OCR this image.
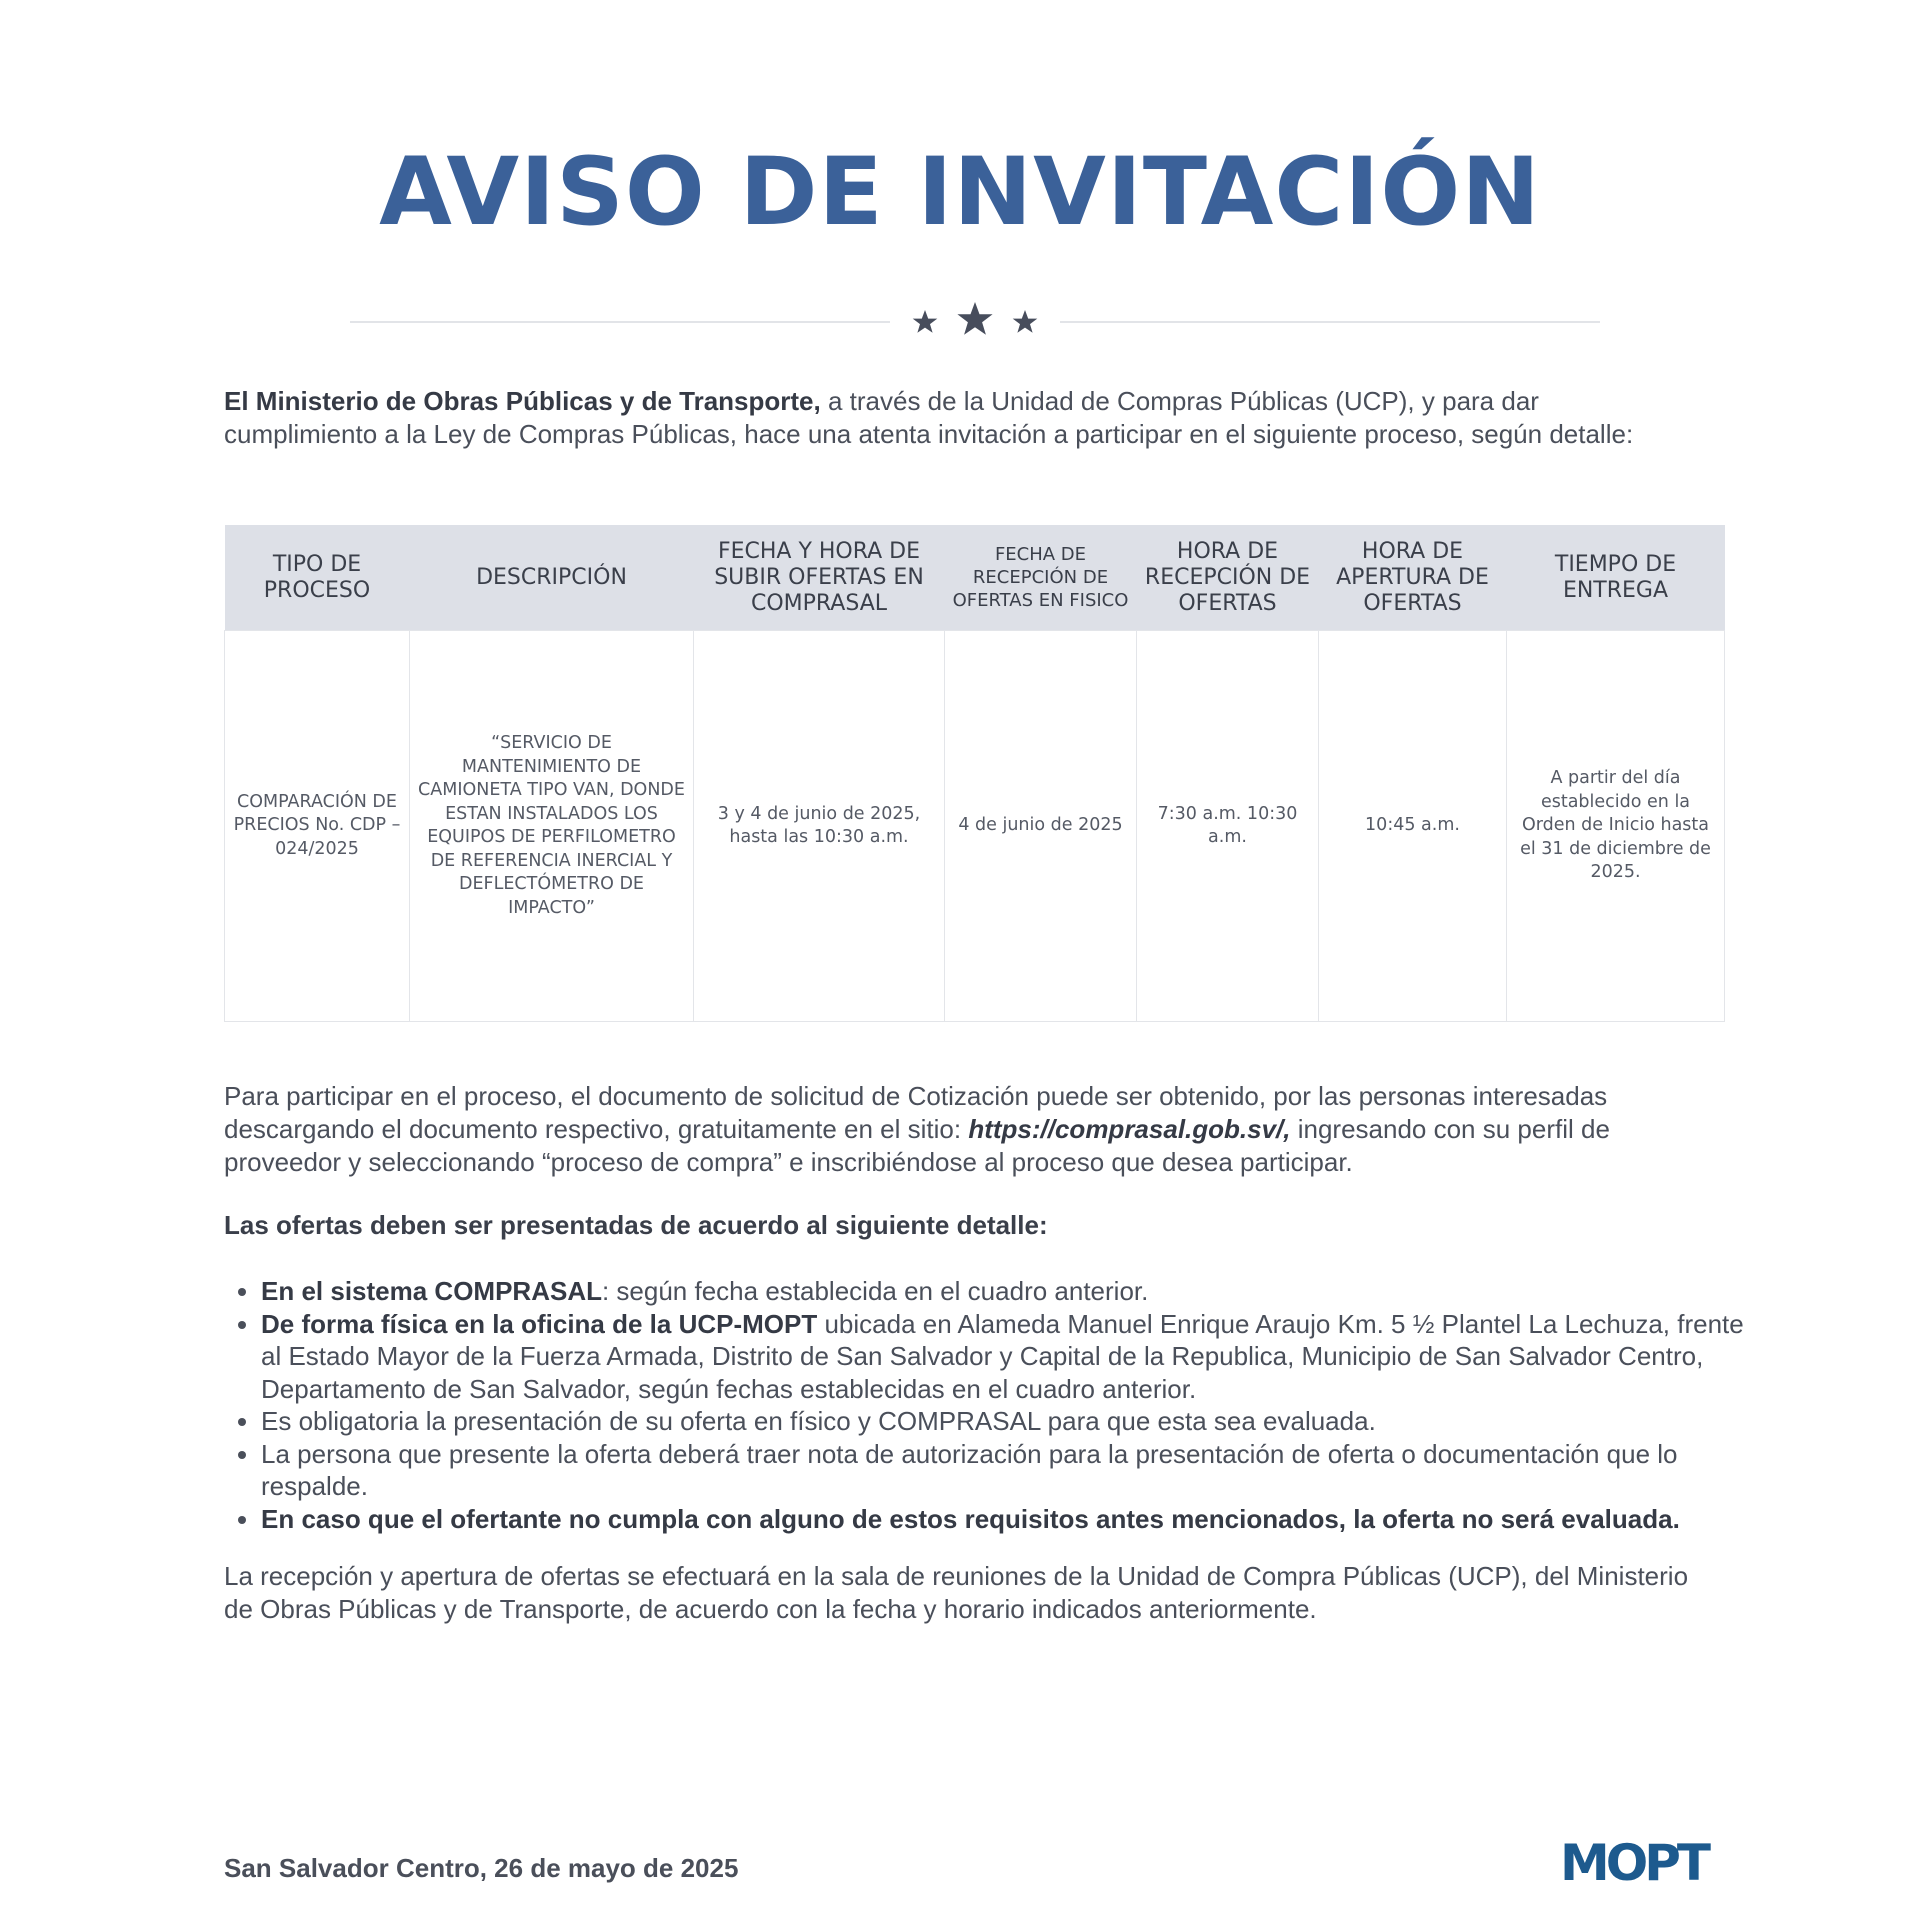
AVISO DE INVITACIÓN
El Ministerio de Obras Públicas y de Transporte, a través de la Unidad de Compras Públicas (UCP), y para dar cumplimiento a la Ley de Compras Públicas, hace una atenta invitación a participar en el siguiente proceso, según detalle:
TIPO DE PROCESO	DESCRIPCIÓN	FECHA Y HORA DE SUBIR OFERTAS EN COMPRASAL	FECHA DE RECEPCIÓN DE OFERTAS EN FISICO	HORA DE RECEPCIÓN DE OFERTAS	HORA DE APERTURA DE OFERTAS	TIEMPO DE ENTREGA
COMPARACIÓN DE PRECIOS No. CDP – 024/2025	“SERVICIO DE MANTENIMIENTO DE CAMIONETA TIPO VAN, DONDE ESTAN INSTALADOS LOS EQUIPOS DE PERFILOMETRO DE REFERENCIA INERCIAL Y DEFLECTÓMETRO DE IMPACTO”	3 y 4 de junio de 2025, hasta las 10:30 a.m.	4 de junio de 2025	7:30 a.m. 10:30 a.m.	10:45 a.m.	A partir del día establecido en la Orden de Inicio hasta el 31 de diciembre de 2025.
Para participar en el proceso, el documento de solicitud de Cotización puede ser obtenido, por las personas interesadas descargando el documento respectivo, gratuitamente en el sitio: https://comprasal.gob.sv/, ingresando con su perfil de proveedor y seleccionando “proceso de compra” e inscribiéndose al proceso que desea participar.
Las ofertas deben ser presentadas de acuerdo al siguiente detalle:
• En el sistema COMPRASAL: según fecha establecida en el cuadro anterior.
• De forma física en la oficina de la UCP-MOPT ubicada en Alameda Manuel Enrique Araujo Km. 5 ½ Plantel La Lechuza, frente al Estado Mayor de la Fuerza Armada, Distrito de San Salvador y Capital de la Republica, Municipio de San Salvador Centro, Departamento de San Salvador, según fechas establecidas en el cuadro anterior.
• Es obligatoria la presentación de su oferta en físico y COMPRASAL para que esta sea evaluada.
• La persona que presente la oferta deberá traer nota de autorización para la presentación de oferta o documentación que lo respalde.
• En caso que el ofertante no cumpla con alguno de estos requisitos antes mencionados, la oferta no será evaluada.
La recepción y apertura de ofertas se efectuará en la sala de reuniones de la Unidad de Compra Públicas (UCP), del Ministerio de Obras Públicas y de Transporte, de acuerdo con la fecha y horario indicados anteriormente.
San Salvador Centro, 26 de mayo de 2025	MOPT
